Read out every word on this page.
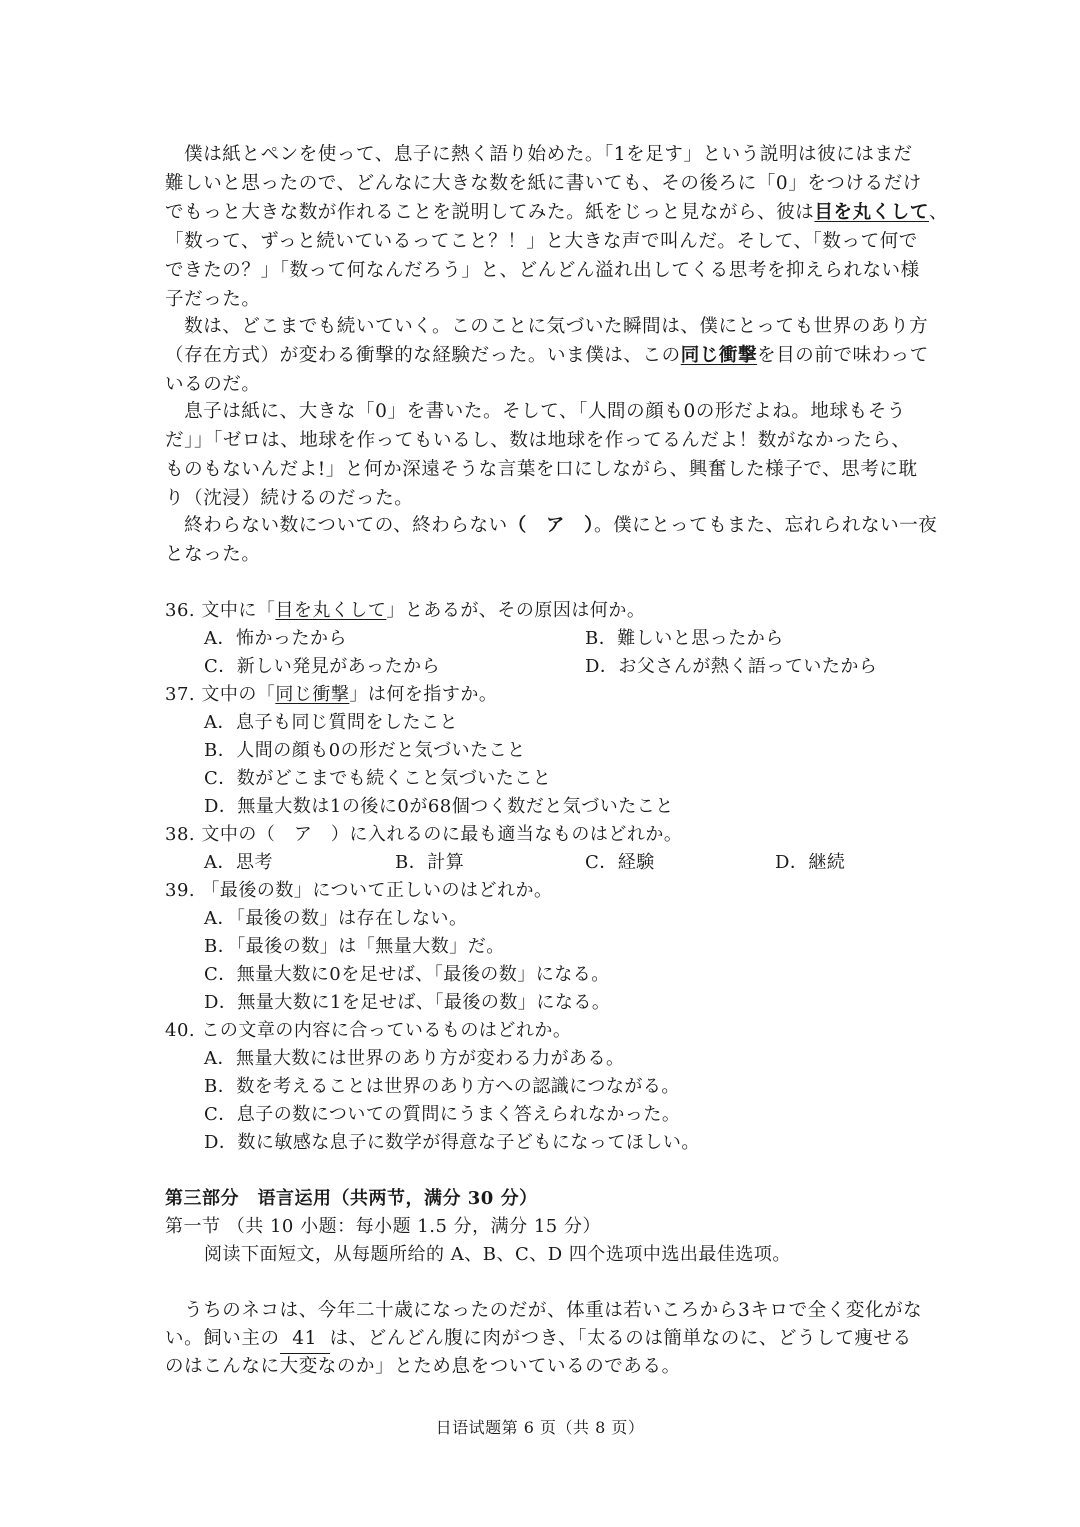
　僕は紙とペンを使って、息子に熱く語り始めた。「1を足す」という説明は彼にはまだ
難しいと思ったので、どんなに大きな数を紙に書いても、その後ろに「0」をつけるだけ
でもっと大きな数が作れることを説明してみた。紙をじっと見ながら、彼は目を丸くして、
「数って、ずっと続いているってこと？！」と大きな声で叫んだ。そして、「数って何で
できたの？」「数って何なんだろう」と、どんどん溢れ出してくる思考を抑えられない様
子だった。
　数は、どこまでも続いていく。このことに気づいた瞬間は、僕にとっても世界のあり方
（存在方式）が変わる衝撃的な経験だった。いま僕は、この同じ衝撃を目の前で味わって
いるのだ。
　息子は紙に、大きな「0」を書いた。そして、「人間の顔も0の形だよね。地球もそう
だ」」「ゼロは、地球を作ってもいるし、数は地球を作ってるんだよ！数がなかったら、
ものもないんだよ!」と何か深遠そうな言葉を口にしながら、興奮した様子で、思考に耽
り（沈浸）続けるのだった。
　終わらない数についての、終わらない（　ア　）。僕にとってもまた、忘れられない一夜
となった。
36. 文中に「目を丸くして」とあるが、その原因は何か。
A．怖かったから	B．難しいと思ったから
C．新しい発見があったから	D．お父さんが熱く語っていたから
37. 文中の「同じ衝撃」は何を指すか。
A．息子も同じ質問をしたこと
B．人間の顔も0の形だと気づいたこと
C．数がどこまでも続くこと気づいたこと
D．無量大数は1の後に0が68個つく数だと気づいたこと
38. 文中の（　ア　）に入れるのに最も適当なものはどれか。
A．思考	B．計算	C．経験	D．継続
39. 「最後の数」について正しいのはどれか。
A．「最後の数」は存在しない。
B．「最後の数」は「無量大数」だ。
C．無量大数に0を足せば、「最後の数」になる。
D．無量大数に1を足せば、「最後の数」になる。
40. この文章の内容に合っているものはどれか。
A．無量大数には世界のあり方が変わる力がある。
B．数を考えることは世界のあり方への認識につながる。
C．息子の数についての質問にうまく答えられなかった。
D．数に敏感な息子に数学が得意な子どもになってほしい。
第三部分　语言运用（共两节，满分 30 分）
第一节 （共 10 小题：每小题 1.5 分，满分 15 分）
阅读下面短文，从每题所给的 A、B、C、D 四个选项中选出最佳选项。
　うちのネコは、今年二十歳になったのだが、体重は若いころから3キロで全く変化がな
い。飼い主の 41 は、どんどん腹に肉がつき、「太るのは簡単なのに、どうして痩せる
のはこんなに大変なのか」とため息をついているのである。
日语试题第 6 页（共 8 页）
